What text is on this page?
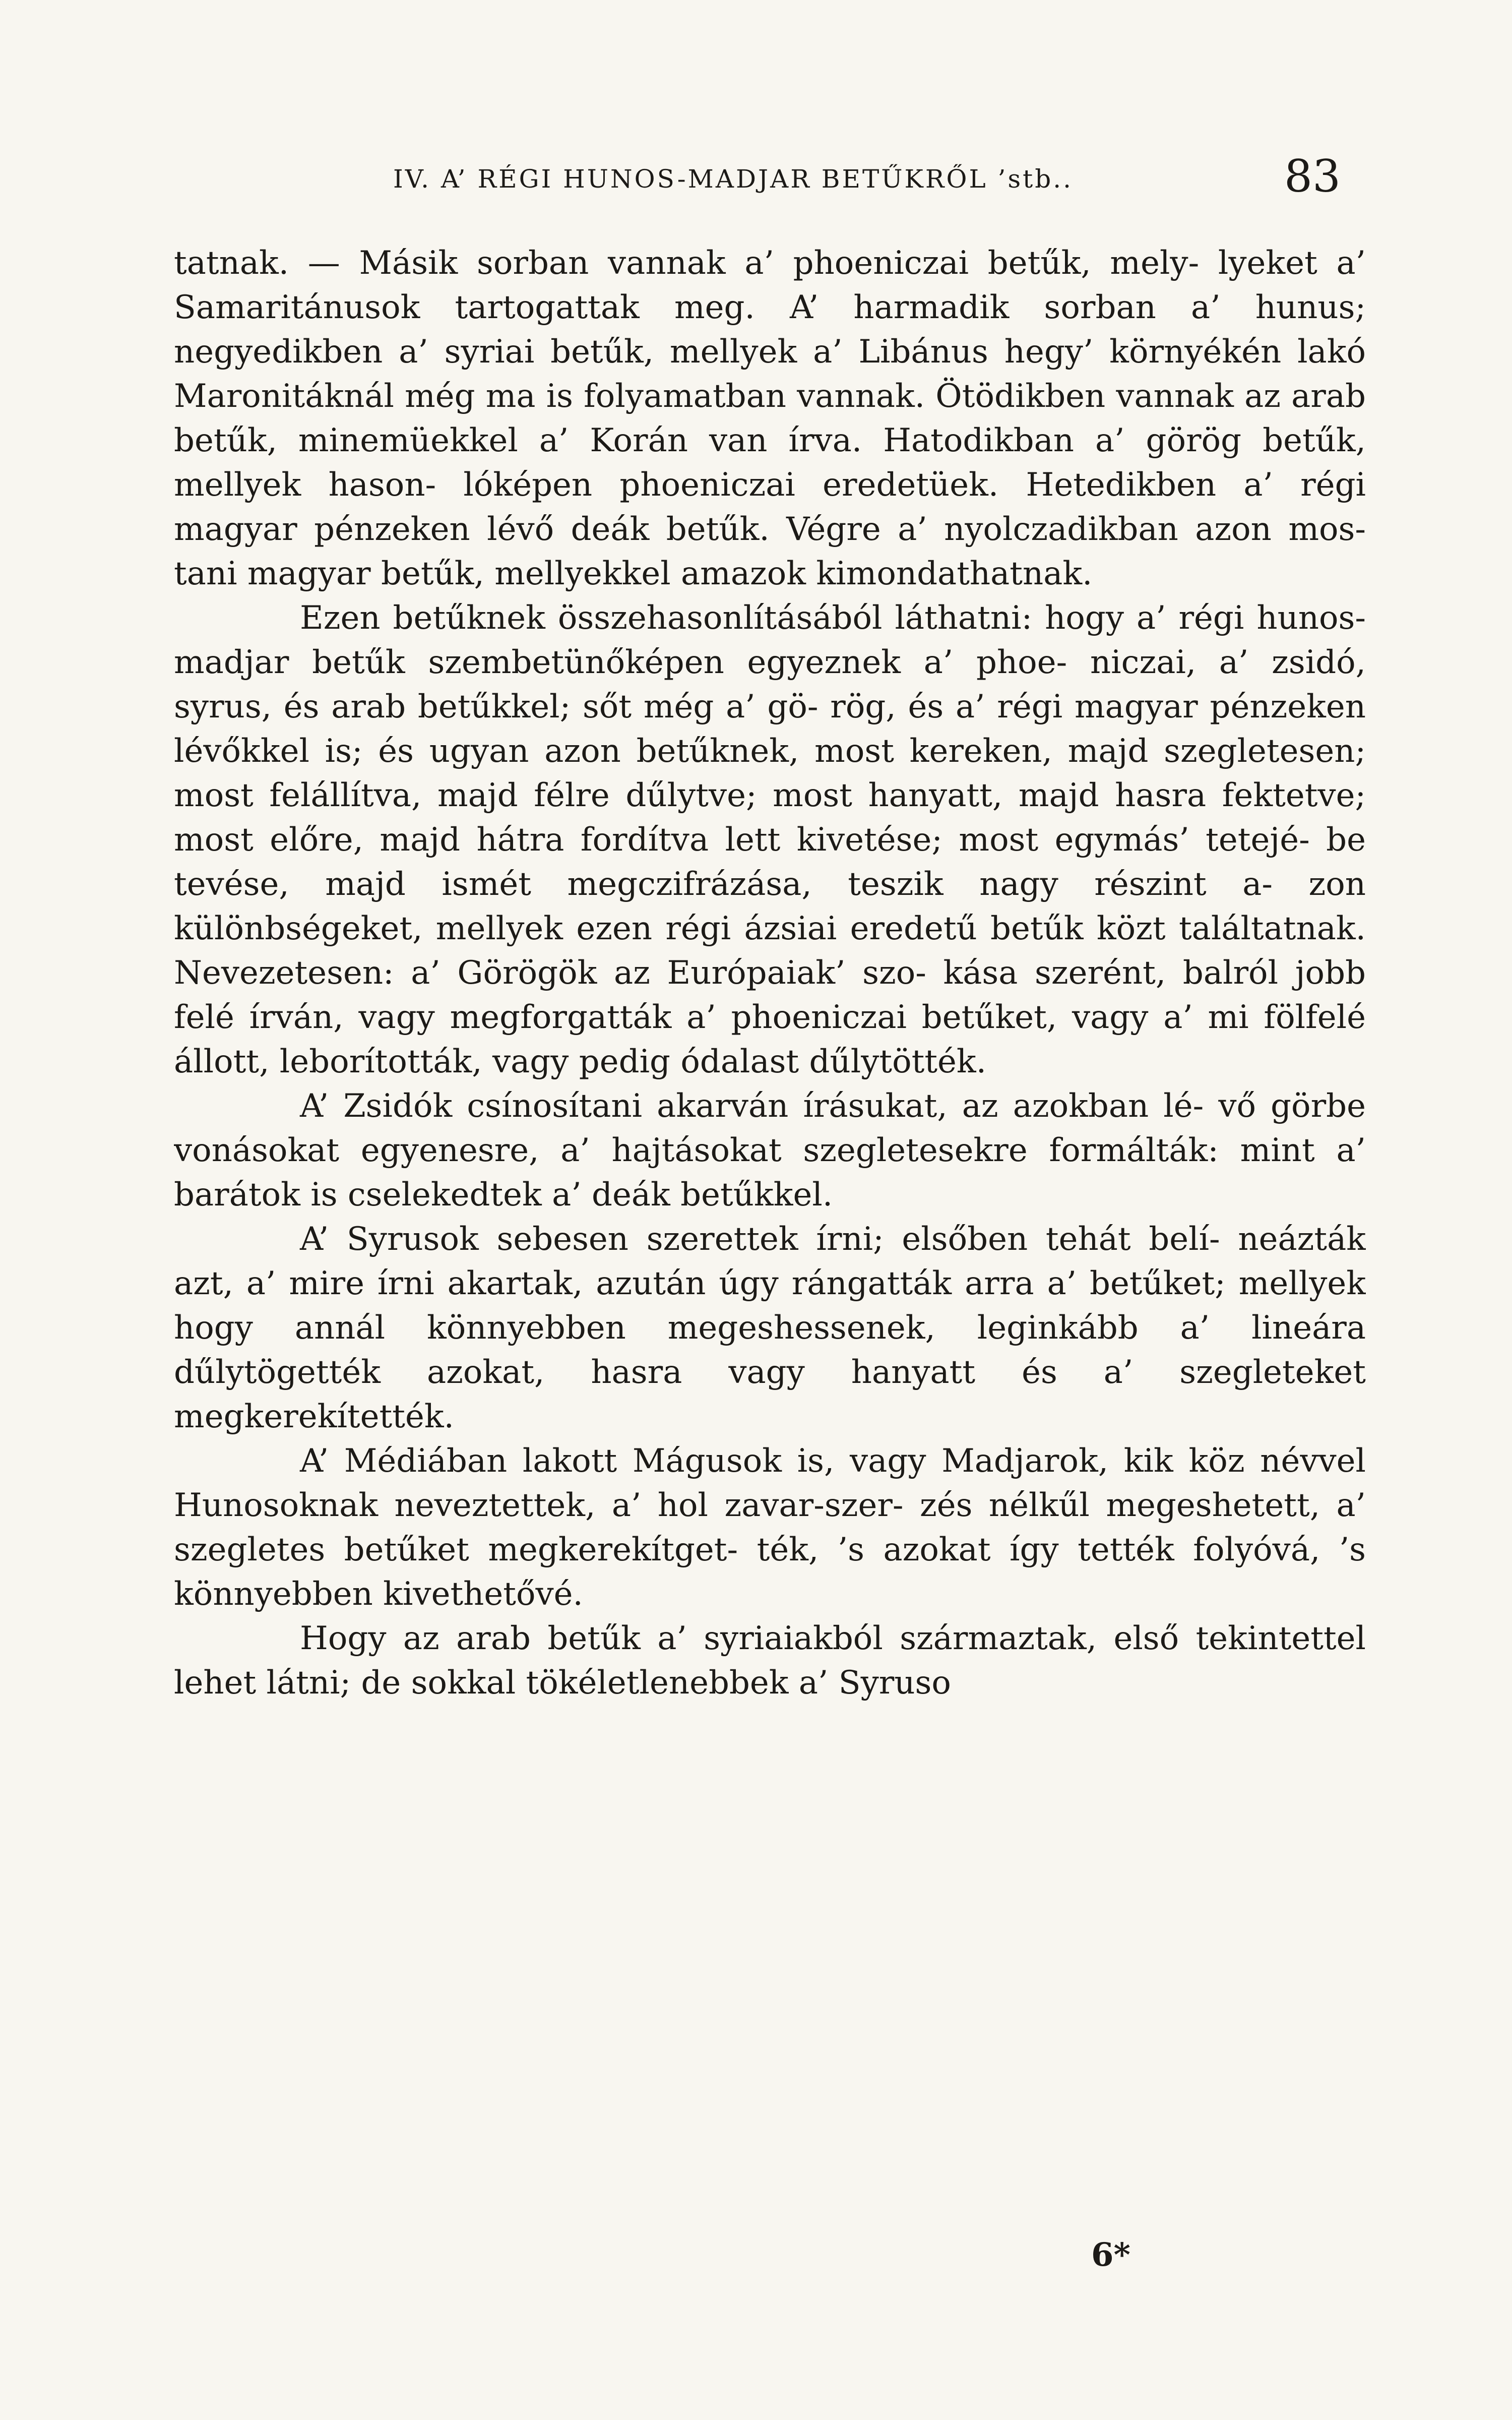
IV. A’ RÉGI HUNOS-MADJAR BETŰKRŐL ’stb..	83

tatnak. — Másik sorban vannak a’ phoeniczai betűk, mely- lyeket a’ Samaritánusok tartogattak meg. A’ harmadik sorban a’ hunus; negyedikben a’ syriai betűk, mellyek a’ Libánus hegy’ környékén lakó Maronitáknál még ma is folyamatban vannak. Ötödikben vannak az arab betűk, minemüekkel a’ Korán van írva. Hatodikban a’ görög betűk, mellyek hason- lóképen phoeniczai eredetüek. Hetedikben a’ régi magyar pénzeken lévő deák betűk. Végre a’ nyolczadikban azon mos- tani magyar betűk, mellyekkel amazok kimondathatnak.

Ezen betűknek összehasonlításából láthatni: hogy a’ régi hunos-madjar betűk szembetünőképen egyeznek a’ phoe- niczai, a’ zsidó, syrus, és arab betűkkel; sőt még a’ gö- rög, és a’ régi magyar pénzeken lévőkkel is; és ugyan azon betűknek, most kereken, majd szegletesen; most felállítva, majd félre dűlytve; most hanyatt, majd hasra fektetve; most előre, majd hátra fordítva lett kivetése; most egymás’ tetejé- be tevése, majd ismét megczifrázása, teszik nagy részint a- zon különbségeket, mellyek ezen régi ázsiai eredetű betűk közt találtatnak. Nevezetesen: a’ Görögök az Európaiak’ szo- kása szerént, balról jobb felé írván, vagy megforgatták a’ phoeniczai betűket, vagy a’ mi fölfelé állott, leborították, vagy pedig ódalast dűlytötték.

A’ Zsidók csínosítani akarván írásukat, az azokban lé- vő görbe vonásokat egyenesre, a’ hajtásokat szegletesekre formálták: mint a’ barátok is cselekedtek a’ deák betűkkel.

A’ Syrusok sebesen szerettek írni; elsőben tehát belí- neázták azt, a’ mire írni akartak, azután úgy rángatták arra a’ betűket; mellyek hogy annál könnyebben megeshessenek, leginkább a’ lineára dűlytögették azokat, hasra vagy hanyatt és a’ szegleteket megkerekítették.

A’ Médiában lakott Mágusok is, vagy Madjarok, kik köz névvel Hunosoknak neveztettek, a’ hol zavar-szer- zés nélkűl megeshetett, a’ szegletes betűket megkerekítget- ték, ’s azokat így tették folyóvá, ’s könnyebben kivethetővé.

Hogy az arab betűk a’ syriaiakból származtak, első tekintettel lehet látni; de sokkal tökéletlenebbek a’ Syruso

6*
